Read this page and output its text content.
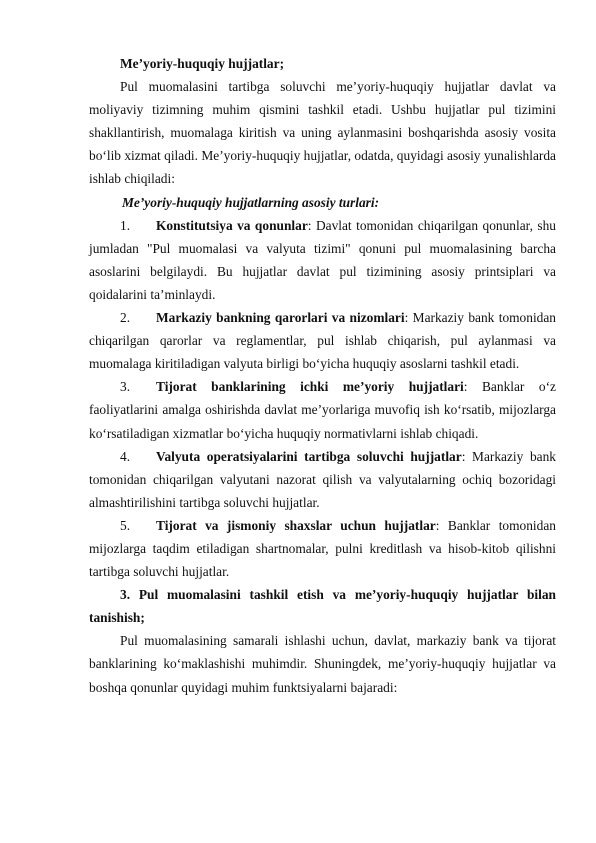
Me’yoriy-huquqiy hujjatlar;

Pul muomalasini tartibga soluvchi me’yoriy-huquqiy hujjatlar davlat va moliyaviy tizimning muhim qismini tashkil etadi. Ushbu hujjatlar pul tizimini shakllantirish, muomalaga kiritish va uning aylanmasini boshqarishda asosiy vosita bo‘lib xizmat qiladi. Me’yoriy-huquqiy hujjatlar, odatda, quyidagi asosiy yunalishlarda ishlab chiqiladi:

Me’yoriy-huquqiy hujjatlarning asosiy turlari:

1. Konstitutsiya va qonunlar: Davlat tomonidan chiqarilgan qonunlar, shu jumladan "Pul muomalasi va valyuta tizimi" qonuni pul muomalasining barcha asoslarini belgilaydi. Bu hujjatlar davlat pul tizimining asosiy printsiplari va qoidalarini ta’minlaydi.

2. Markaziy bankning qarorlari va nizomlari: Markaziy bank tomonidan chiqarilgan qarorlar va reglamentlar, pul ishlab chiqarish, pul aylanmasi va muomalaga kiritiladigan valyuta birligi bo‘yicha huquqiy asoslarni tashkil etadi.

3. Tijorat banklarining ichki me’yoriy hujjatlari: Banklar o‘z faoliyatlarini amalga oshirishda davlat me’yorlariga muvofiq ish ko‘rsatib, mijozlarga ko‘rsatiladigan xizmatlar bo‘yicha huquqiy normativlarni ishlab chiqadi.

4. Valyuta operatsiyalarini tartibga soluvchi hujjatlar: Markaziy bank tomonidan chiqarilgan valyutani nazorat qilish va valyutalarning ochiq bozoridagi almashtirilishini tartibga soluvchi hujjatlar.

5. Tijorat va jismoniy shaxslar uchun hujjatlar: Banklar tomonidan mijozlarga taqdim etiladigan shartnomalar, pulni kreditlash va hisob-kitob qilishni tartibga soluvchi hujjatlar.

3. Pul muomalasini tashkil etish va me’yoriy-huquqiy hujjatlar bilan tanishish;

Pul muomalasining samarali ishlashi uchun, davlat, markaziy bank va tijorat banklarining ko‘maklashishi muhimdir. Shuningdek, me’yoriy-huquqiy hujjatlar va boshqa qonunlar quyidagi muhim funktsiyalarni bajaradi:
